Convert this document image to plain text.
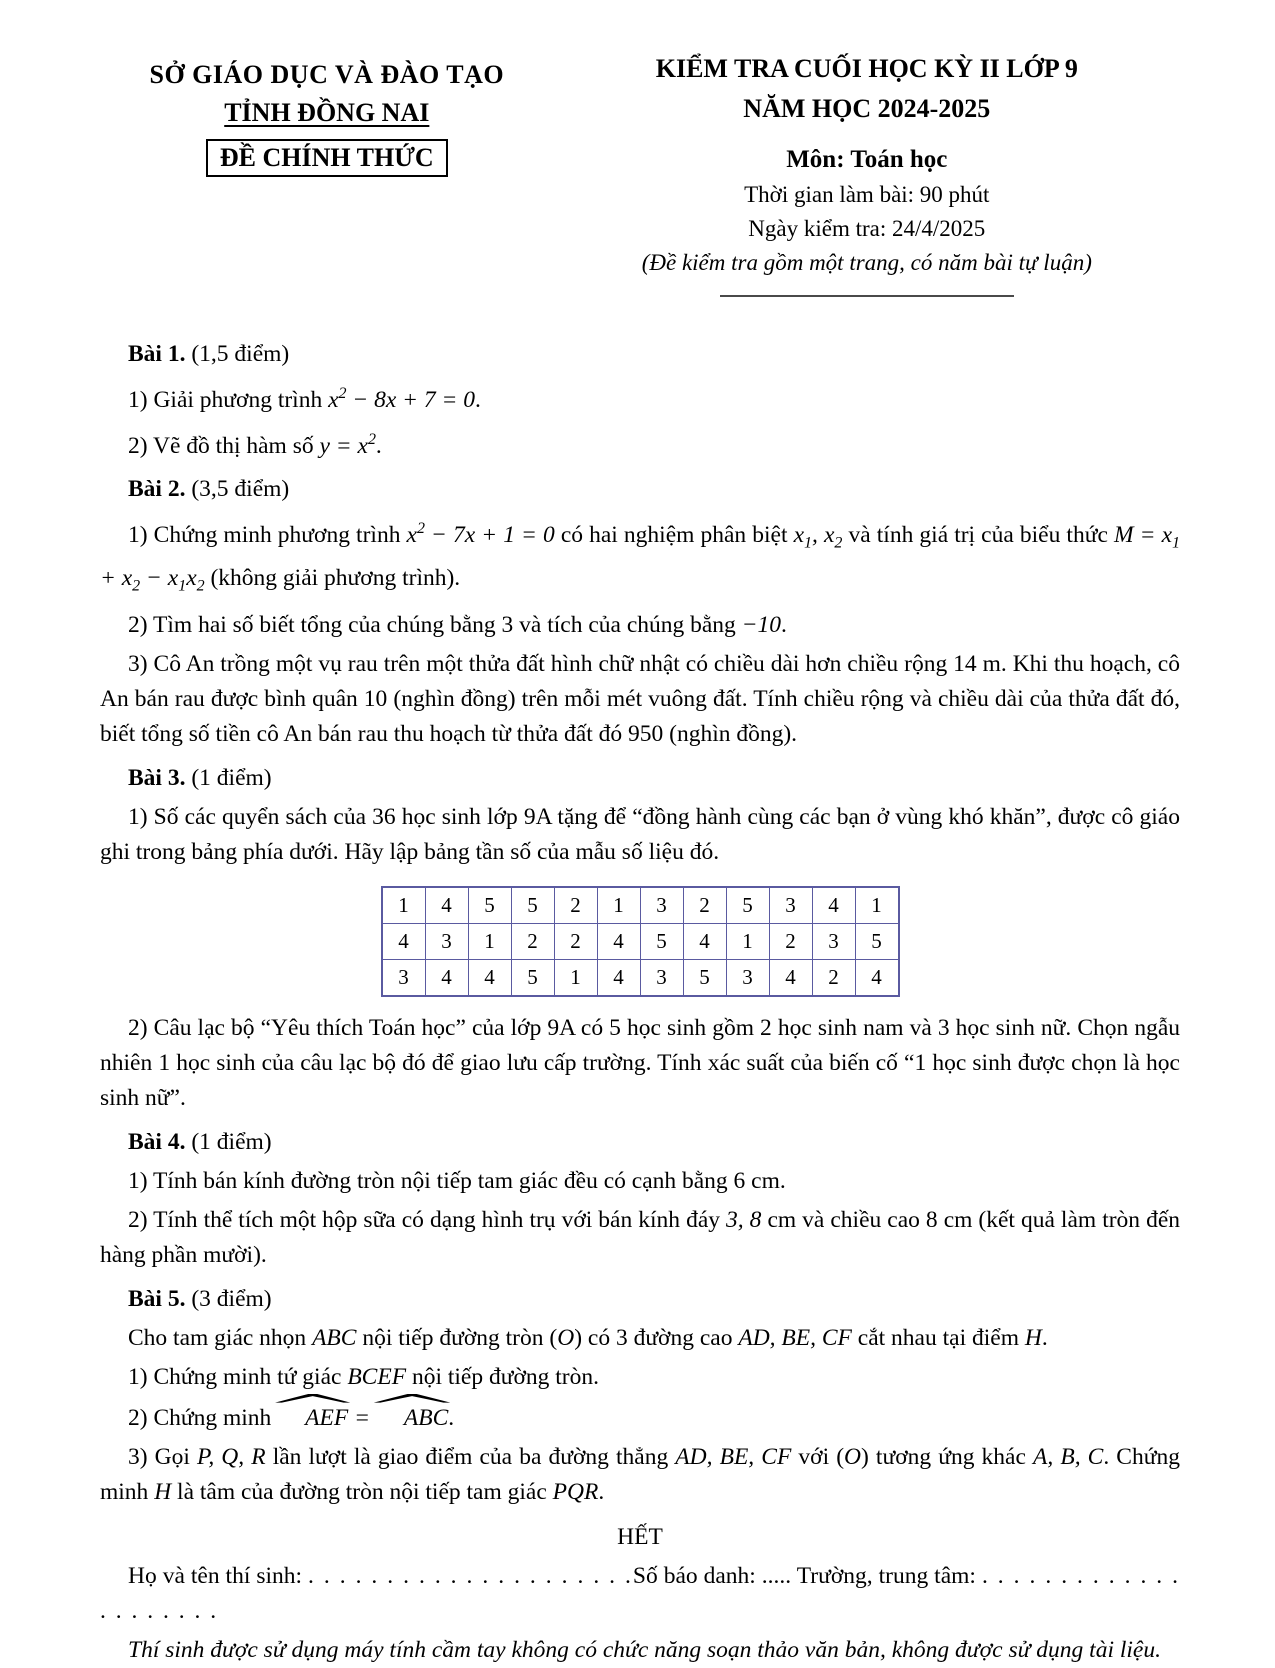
SỞ GIÁO DỤC VÀ ĐÀO TẠO
TỈNH ĐỒNG NAI
ĐỀ CHÍNH THỨC
KIỂM TRA CUỐI HỌC KỲ II LỚP 9
NĂM HỌC 2024-2025
Môn: Toán học
Thời gian làm bài: 90 phút
Ngày kiểm tra: 24/4/2025
(Đề kiểm tra gồm một trang, có năm bài tự luận)

Bài 1. (1,5 điểm)

1) Giải phương trình $x^2 - 8x + 7 = 0$.

2) Vẽ đồ thị hàm số $y = x^2$.

Bài 2. (3,5 điểm)

1) Chứng minh phương trình $x^2 - 7x + 1 = 0$ có hai nghiệm phân biệt $x_1$, $x_2$ và tính giá trị của biểu thức $M = x_1 + x_2 - x_1x_2$ (không giải phương trình).

2) Tìm hai số biết tổng của chúng bằng 3 và tích của chúng bằng −10.

3) Cô An trồng một vụ rau trên một thửa đất hình chữ nhật có chiều dài hơn chiều rộng 14 m. Khi thu hoạch, cô An bán rau được bình quân 10 (nghìn đồng) trên mỗi mét vuông đất. Tính chiều rộng và chiều dài của thửa đất đó, biết tổng số tiền cô An bán rau thu hoạch từ thửa đất đó 950 (nghìn đồng).

Bài 3. (1 điểm)

1) Số các quyển sách của 36 học sinh lớp 9A tặng để “đồng hành cùng các bạn ở vùng khó khăn”, được cô giáo ghi trong bảng phía dưới. Hãy lập bảng tần số của mẫu số liệu đó.

1	4	5	5	2	1	3	2	5	3	4	1
4	3	1	2	2	4	5	4	1	2	3	5
3	4	4	5	1	4	3	5	3	4	2	4

2) Câu lạc bộ “Yêu thích Toán học” của lớp 9A có 5 học sinh gồm 2 học sinh nam và 3 học sinh nữ. Chọn ngẫu nhiên 1 học sinh của câu lạc bộ đó để giao lưu cấp trường. Tính xác suất của biến cố “1 học sinh được chọn là học sinh nữ”.

Bài 4. (1 điểm)

1) Tính bán kính đường tròn nội tiếp tam giác đều có cạnh bằng 6 cm.

2) Tính thể tích một hộp sữa có dạng hình trụ với bán kính đáy 3, 8 cm và chiều cao 8 cm (kết quả làm tròn đến hàng phần mười).

Bài 5. (3 điểm)

Cho tam giác nhọn ABC nội tiếp đường tròn (O) có 3 đường cao AD, BE, CF cắt nhau tại điểm H.

1) Chứng minh tứ giác BCEF nội tiếp đường tròn.

2) Chứng minh AEF = ABC.

3) Gọi P, Q, R lần lượt là giao điểm của ba đường thẳng AD, BE, CF với (O) tương ứng khác A, B, C. Chứng minh H là tâm của đường tròn nội tiếp tam giác PQR.

HẾT

Họ và tên thí sinh: . . . . . . . . . . . . . . . . . . . . .Số báo danh: ..... Trường, trung tâm: . . . . . . . . . . . . . . . . . . . . .

Thí sinh được sử dụng máy tính cầm tay không có chức năng soạn thảo văn bản, không được sử dụng tài liệu.
